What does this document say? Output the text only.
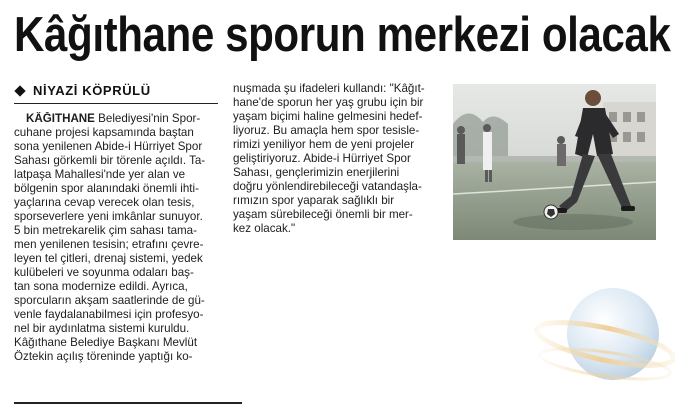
Kâğıthane sporun merkezi olacak
NİYAZİ KÖPRÜLÜ
KÂĞITHANE Belediyesi'nin Spor-
cuhane projesi kapsamında baştan
sona yenilenen Abide-i Hürriyet Spor
Sahası görkemli bir törenle açıldı. Ta-
latpaşa Mahallesi'nde yer alan ve
bölgenin spor alanındaki önemli ihti-
yaçlarına cevap verecek olan tesis,
sporseverlere yeni imkânlar sunuyor.
5 bin metrekarelik çim sahası tama-
men yenilenen tesisin; etrafını çevre-
leyen tel çitleri, drenaj sistemi, yedek
kulübeleri ve soyunma odaları baş-
tan sona modernize edildi. Ayrıca,
sporcuların akşam saatlerinde de gü-
venle faydalanabilmesi için profesyo-
nel bir aydınlatma sistemi kuruldu.
Kâğıthane Belediye Başkanı Mevlüt
Öztekin açılış töreninde yaptığı ko-
nuşmada şu ifadeleri kullandı: "Kâğıt-
hane'de sporun her yaş grubu için bir
yaşam biçimi haline gelmesini hedef-
liyoruz. Bu amaçla hem spor tesisle-
rimizi yeniliyor hem de yeni projeler
geliştiriyoruz. Abide-i Hürriyet Spor
Sahası, gençlerimizin enerjilerini
doğru yönlendirebileceği vatandaşla-
rımızın spor yaparak sağlıklı bir
yaşam sürebileceği önemli bir mer-
kez olacak."
